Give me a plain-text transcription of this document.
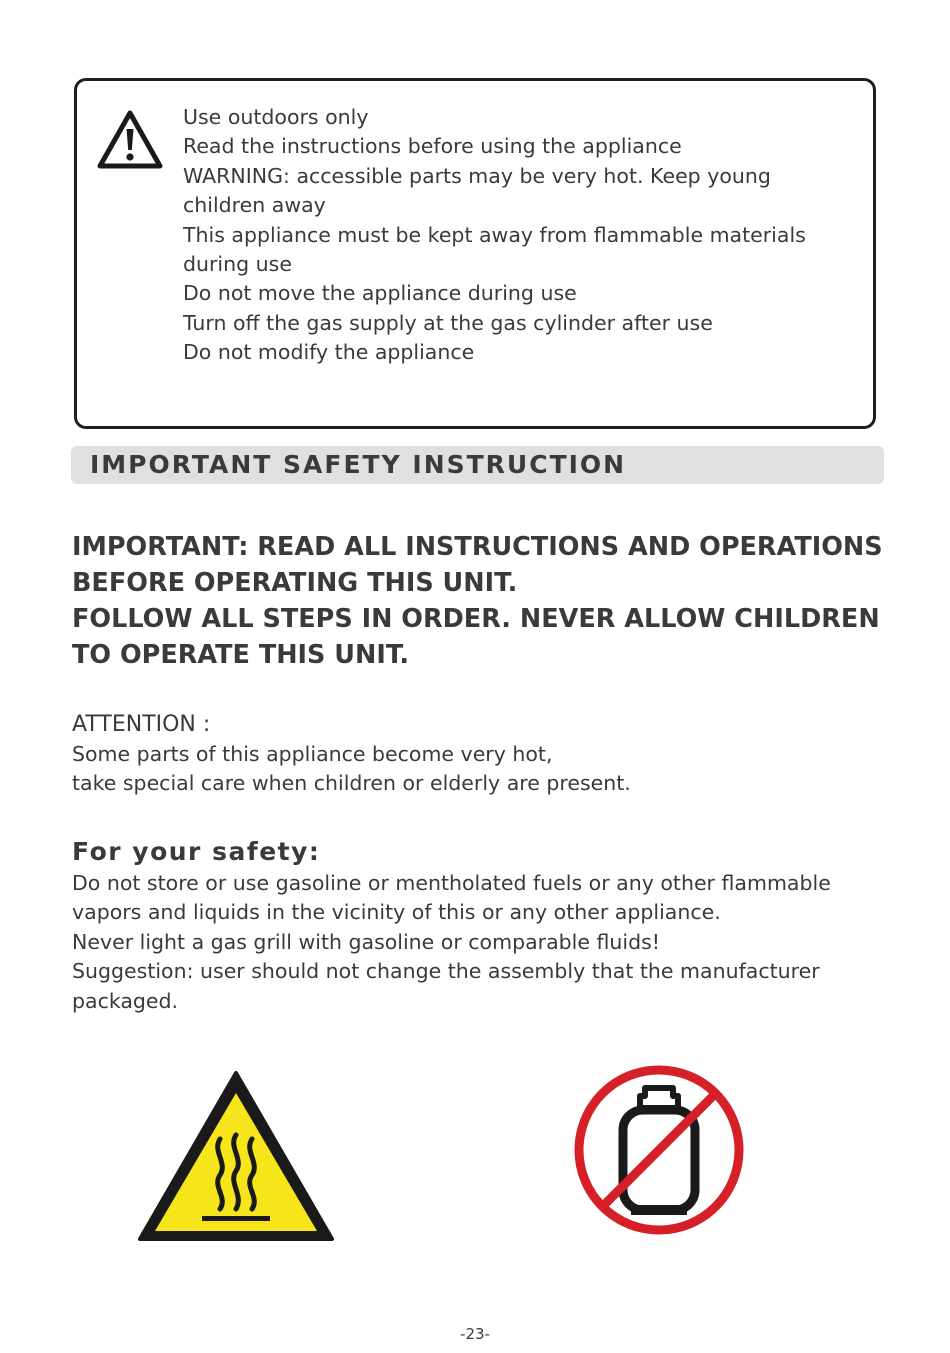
Use outdoors only
Read the instructions before using the appliance
WARNING: accessible parts may be very hot. Keep young
children away
This appliance must be kept away from flammable materials
during use
Do not move the appliance during use
Turn off the gas supply at the gas cylinder after use
Do not modify the appliance
IMPORTANT SAFETY INSTRUCTION
IMPORTANT: READ ALL INSTRUCTIONS AND OPERATIONS
BEFORE OPERATING THIS UNIT.
FOLLOW ALL STEPS IN ORDER. NEVER ALLOW CHILDREN
TO OPERATE THIS UNIT.
ATTENTION :
Some parts of this appliance become very hot,
take special care when children or elderly are present.
For your safety:
Do not store or use gasoline or mentholated fuels or any other flammable
vapors and liquids in the vicinity of this or any other appliance.
Never light a gas grill with gasoline or comparable fluids!
Suggestion: user should not change the assembly that the manufacturer
packaged.
-23-
